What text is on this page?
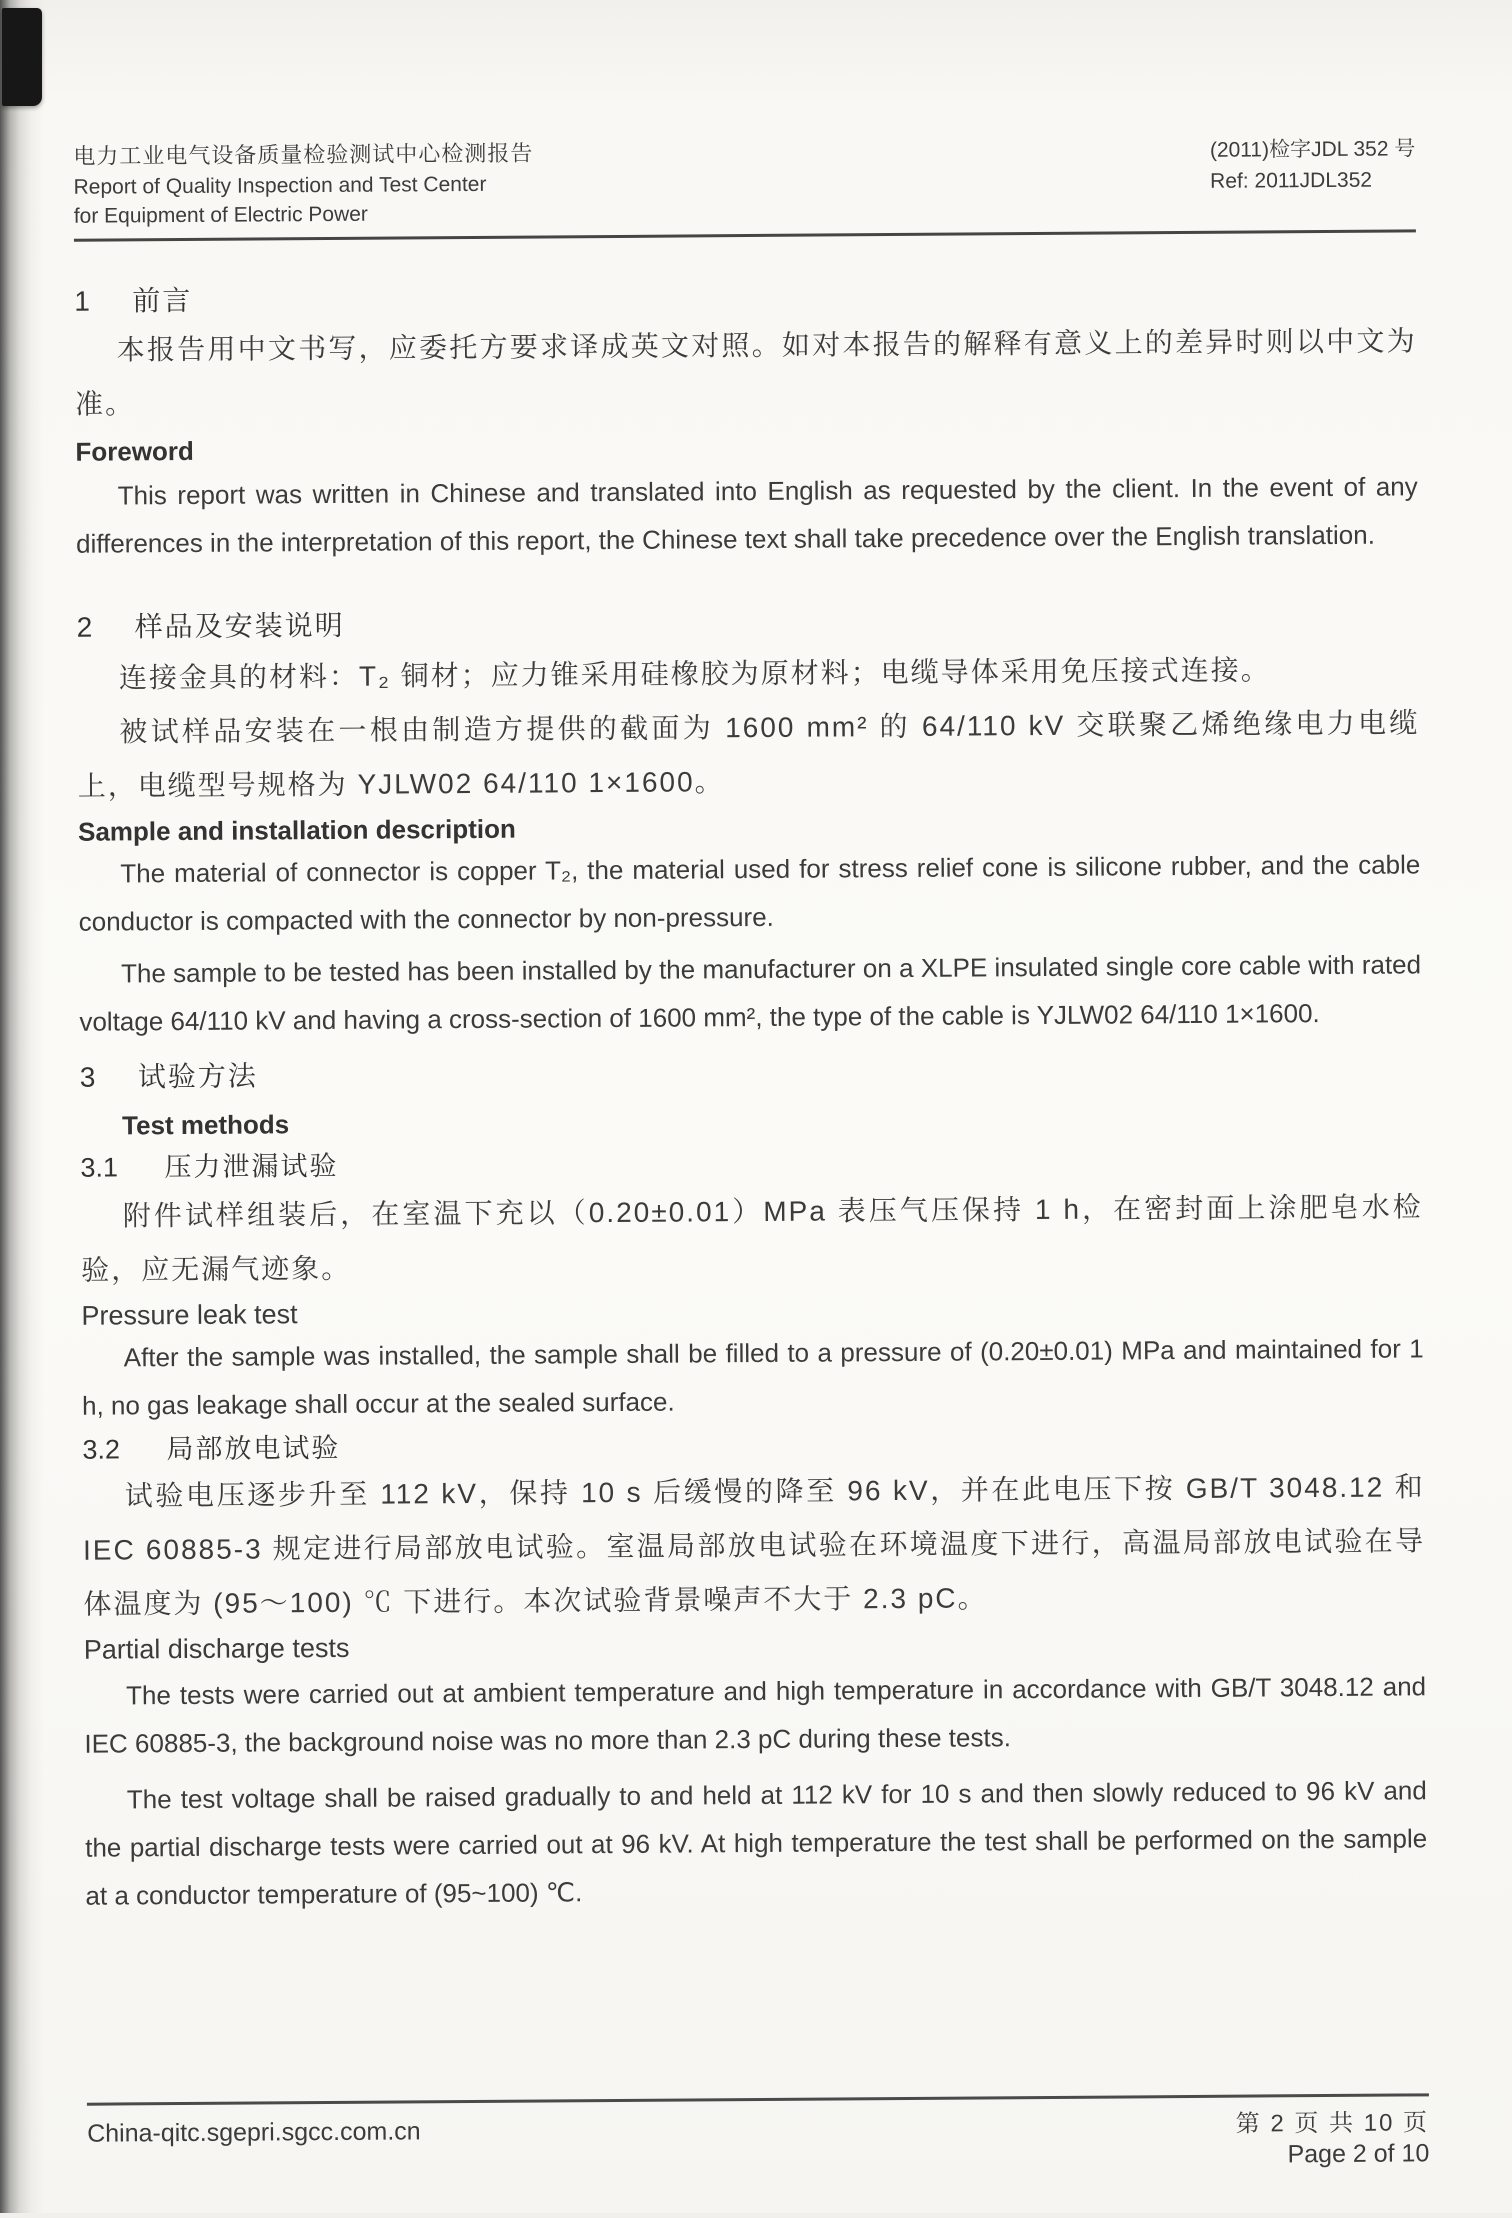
电力工业电气设备质量检验测试中心检测报告
Report of Quality Inspection and Test Center
for Equipment of Electric Power
(2011)检字JDL 352 号
Ref: 2011JDL352
1 前言
本报告用中文书写，应委托方要求译成英文对照。如对本报告的解释有意义上的差异时则以中文为准。
Foreword
This report was written in Chinese and translated into English as requested by the client. In the event of any differences in the interpretation of this report, the Chinese text shall take precedence over the English translation.
2 样品及安装说明
连接金具的材料：T₂ 铜材；应力锥采用硅橡胶为原材料；电缆导体采用免压接式连接。
被试样品安装在一根由制造方提供的截面为 1600 mm² 的 64/110 kV 交联聚乙烯绝缘电力电缆上，电缆型号规格为 YJLW02 64/110 1×1600。
Sample and installation description
The material of connector is copper T₂, the material used for stress relief cone is silicone rubber, and the cable conductor is compacted with the connector by non-pressure.
The sample to be tested has been installed by the manufacturer on a XLPE insulated single core cable with rated voltage 64/110 kV and having a cross-section of 1600 mm², the type of the cable is YJLW02 64/110 1×1600.
3 试验方法
Test methods
3.1 压力泄漏试验
附件试样组装后，在室温下充以（0.20±0.01）MPa 表压气压保持 1 h，在密封面上涂肥皂水检验，应无漏气迹象。
Pressure leak test
After the sample was installed, the sample shall be filled to a pressure of (0.20±0.01) MPa and maintained for 1 h, no gas leakage shall occur at the sealed surface.
3.2 局部放电试验
试验电压逐步升至 112 kV，保持 10 s 后缓慢的降至 96 kV，并在此电压下按 GB/T 3048.12 和 IEC 60885-3 规定进行局部放电试验。室温局部放电试验在环境温度下进行，高温局部放电试验在导体温度为 (95～100) ℃ 下进行。本次试验背景噪声不大于 2.3 pC。
Partial discharge tests
The tests were carried out at ambient temperature and high temperature in accordance with GB/T 3048.12 and IEC 60885-3, the background noise was no more than 2.3 pC during these tests.
The test voltage shall be raised gradually to and held at 112 kV for 10 s and then slowly reduced to 96 kV and the partial discharge tests were carried out at 96 kV. At high temperature the test shall be performed on the sample at a conductor temperature of (95~100) ℃.
China-qitc.sgepri.sgcc.com.cn	第 2 页 共 10 页
Page 2 of 10
